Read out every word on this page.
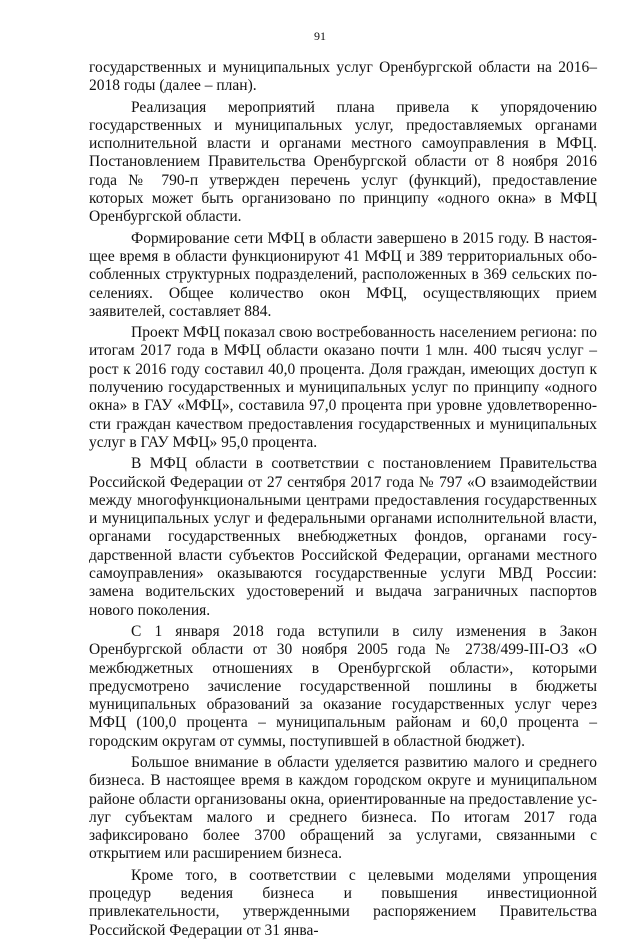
91

государственных и муниципальных услуг Оренбургской области на 2016–2018 годы (далее – план).

Реализация мероприятий плана привела к упорядочению государственных и муниципальных услуг, предоставляемых органами исполнительной власти и органами местного самоуправления в МФЦ. Постановлением Правительства Оренбургской области от 8 ноября 2016 года № 790-п утвержден перечень услуг (функций), предоставление которых может быть организовано по принципу «одного окна» в МФЦ Оренбургской области.

Формирование сети МФЦ в области завершено в 2015 году. В настоящее время в области функционируют 41 МФЦ и 389 территориальных обособленных структурных подразделений, расположенных в 369 сельских поселениях. Общее количество окон МФЦ, осуществляющих прием заявителей, составляет 884.

Проект МФЦ показал свою востребованность населением региона: по итогам 2017 года в МФЦ области оказано почти 1 млн. 400 тысяч услуг – рост к 2016 году составил 40,0 процента. Доля граждан, имеющих доступ к получению государственных и муниципальных услуг по принципу «одного окна» в ГАУ «МФЦ», составила 97,0 процента при уровне удовлетворенности граждан качеством предоставления государственных и муниципальных услуг в ГАУ МФЦ» 95,0 процента.

В МФЦ области в соответствии с постановлением Правительства Российской Федерации от 27 сентября 2017 года № 797 «О взаимодействии между многофункциональными центрами предоставления государственных и муниципальных услуг и федеральными органами исполнительной власти, органами государственных внебюджетных фондов, органами государственной власти субъектов Российской Федерации, органами местного самоуправления» оказываются государственные услуги МВД России: замена водительских удостоверений и выдача заграничных паспортов нового поколения.

С 1 января 2018 года вступили в силу изменения в Закон Оренбургской области от 30 ноября 2005 года № 2738/499-III-ОЗ «О межбюджетных отношениях в Оренбургской области», которыми предусмотрено зачисление государственной пошлины в бюджеты муниципальных образований за оказание государственных услуг через МФЦ (100,0 процента – муниципальным районам и 60,0 процента – городским округам от суммы, поступившей в областной бюджет).

Большое внимание в области уделяется развитию малого и среднего бизнеса. В настоящее время в каждом городском округе и муниципальном районе области организованы окна, ориентированные на предоставление услуг субъектам малого и среднего бизнеса. По итогам 2017 года зафиксировано более 3700 обращений за услугами, связанными с открытием или расширением бизнеса.

Кроме того, в соответствии с целевыми моделями упрощения процедур ведения бизнеса и повышения инвестиционной привлекательности, утвержденными распоряжением Правительства Российской Федерации от 31 янва-
